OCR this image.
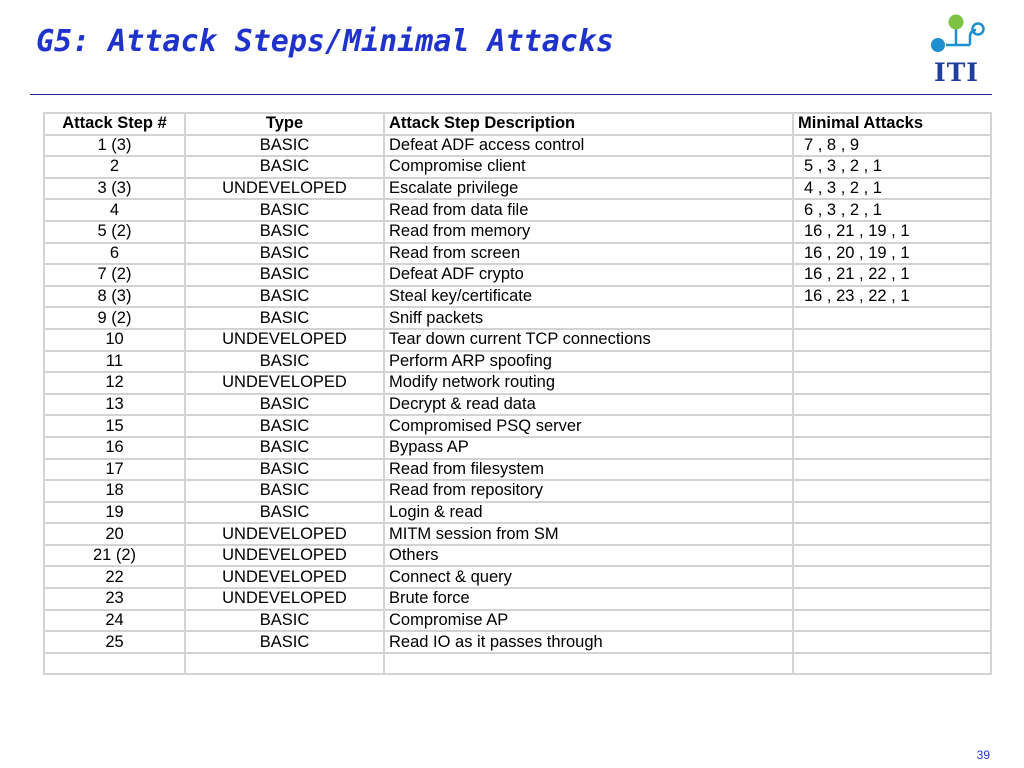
G5: Attack Steps/Minimal Attacks
ITI
Attack Step #	Type	Attack Step Description	Minimal Attacks
1 (3)	BASIC	Defeat ADF access control	7 , 8 , 9
2	BASIC	Compromise client	5 , 3 , 2 , 1
3 (3)	UNDEVELOPED	Escalate privilege	4 , 3 , 2 , 1
4	BASIC	Read from data file	6 , 3 , 2 , 1
5 (2)	BASIC	Read from memory	16 , 21 , 19 , 1
6	BASIC	Read from screen	16 , 20 , 19 , 1
7 (2)	BASIC	Defeat ADF crypto	16 , 21 , 22 , 1
8 (3)	BASIC	Steal key/certificate	16 , 23 , 22 , 1
9 (2)	BASIC	Sniff packets	
10	UNDEVELOPED	Tear down current TCP connections	
11	BASIC	Perform ARP spoofing	
12	UNDEVELOPED	Modify network routing	
13	BASIC	Decrypt & read data	
15	BASIC	Compromised PSQ server	
16	BASIC	Bypass AP	
17	BASIC	Read from filesystem	
18	BASIC	Read from repository	
19	BASIC	Login & read	
20	UNDEVELOPED	MITM session from SM	
21 (2)	UNDEVELOPED	Others	
22	UNDEVELOPED	Connect & query	
23	UNDEVELOPED	Brute force	
24	BASIC	Compromise AP	
25	BASIC	Read IO as it passes through	

39
